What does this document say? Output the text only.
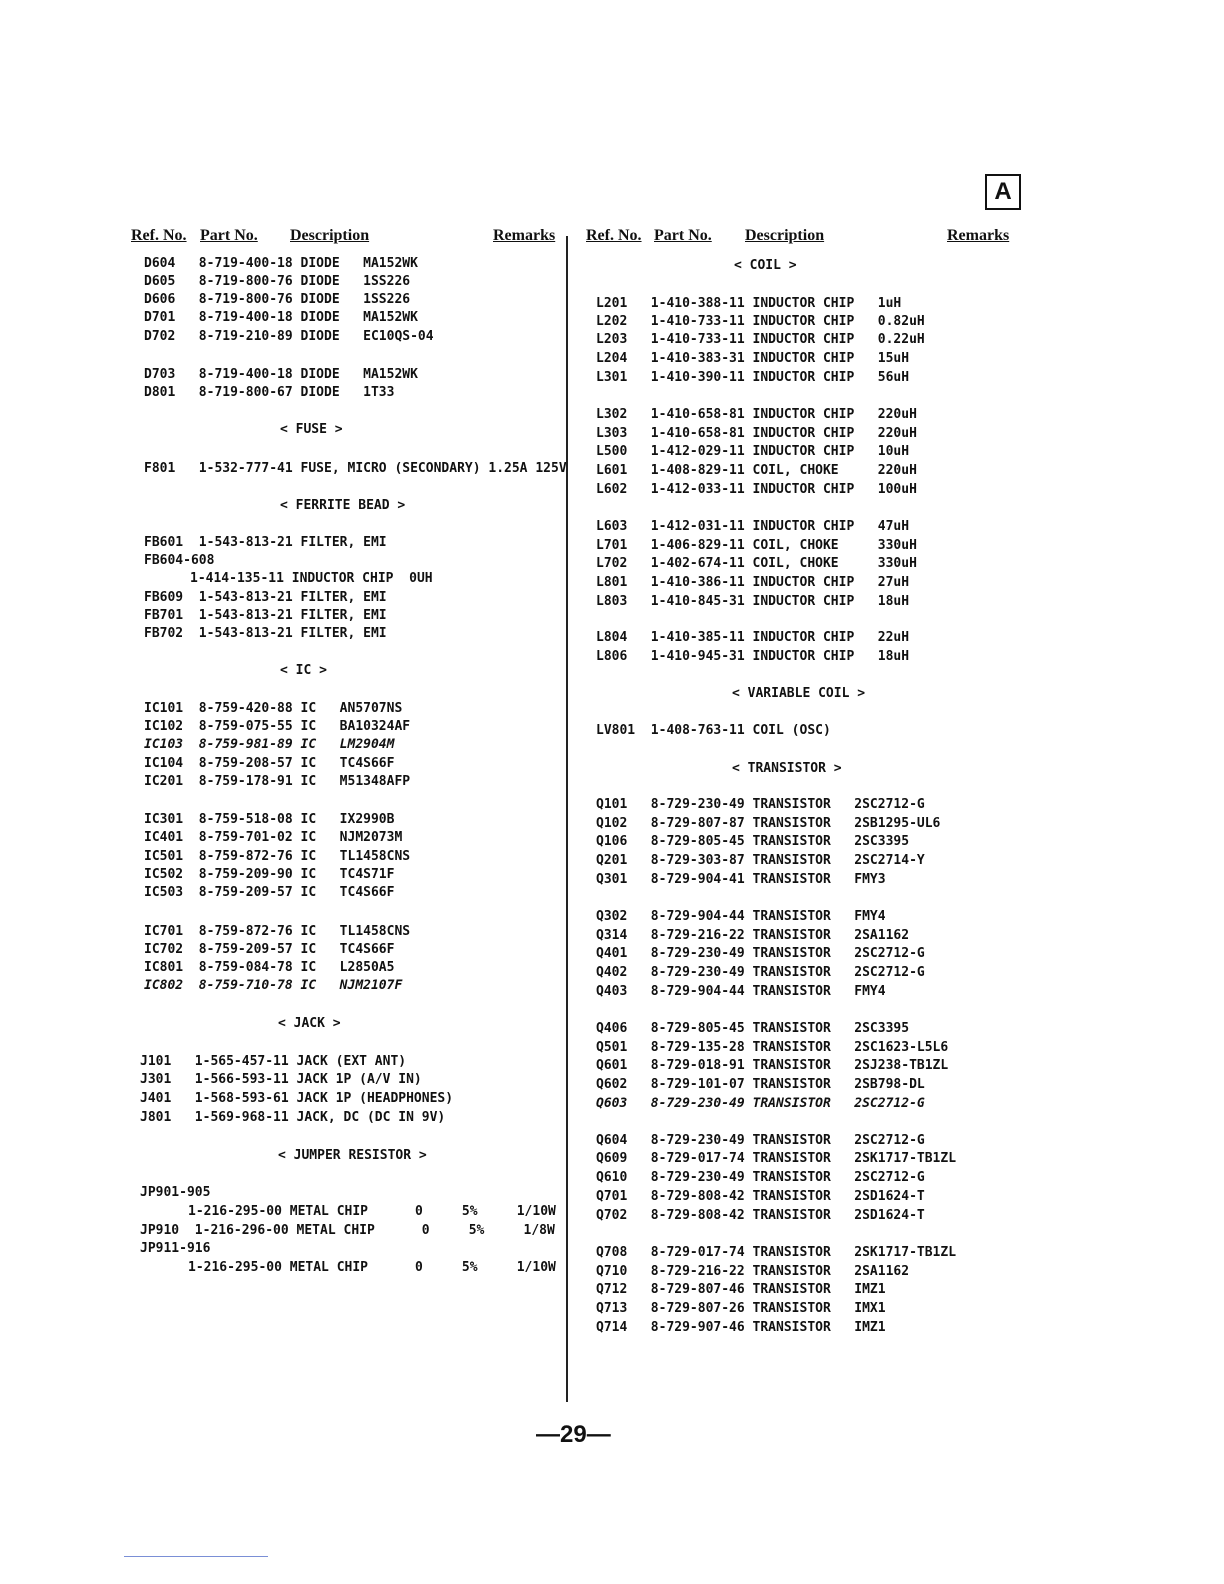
A
Ref. No. Part No. Description	Remarks Ref. No. Part No. Description	Remarks
D604   8-719-400-18 DIODE   MA152WK
D605   8-719-800-76 DIODE   1SS226
D606   8-719-800-76 DIODE   1SS226
D701   8-719-400-18 DIODE   MA152WK
D702   8-719-210-89 DIODE   EC10QS-04
D703   8-719-400-18 DIODE   MA152WK
D801   8-719-800-67 DIODE   1T33
< FUSE >
F801   1-532-777-41 FUSE, MICRO (SECONDARY) 1.25A 125V
< FERRITE BEAD >
FB601  1-543-813-21 FILTER, EMI
FB604-608
1-414-135-11 INDUCTOR CHIP  0UH
FB609  1-543-813-21 FILTER, EMI
FB701  1-543-813-21 FILTER, EMI
FB702  1-543-813-21 FILTER, EMI
< IC >
IC101  8-759-420-88 IC   AN5707NS
IC102  8-759-075-55 IC   BA10324AF
IC103  8-759-981-89 IC   LM2904M
IC104  8-759-208-57 IC   TC4S66F
IC201  8-759-178-91 IC   M51348AFP
IC301  8-759-518-08 IC   IX2990B
IC401  8-759-701-02 IC   NJM2073M
IC501  8-759-872-76 IC   TL1458CNS
IC502  8-759-209-90 IC   TC4S71F
IC503  8-759-209-57 IC   TC4S66F
IC701  8-759-872-76 IC   TL1458CNS
IC702  8-759-209-57 IC   TC4S66F
IC801  8-759-084-78 IC   L2850A5
IC802  8-759-710-78 IC   NJM2107F
< JACK >
J101   1-565-457-11 JACK (EXT ANT)
J301   1-566-593-11 JACK 1P (A/V IN)
J401   1-568-593-61 JACK 1P (HEADPHONES)
J801   1-569-968-11 JACK, DC (DC IN 9V)
< JUMPER RESISTOR >
JP901-905
1-216-295-00 METAL CHIP      0     5%     1/10W
JP910  1-216-296-00 METAL CHIP      0     5%     1/8W
JP911-916
1-216-295-00 METAL CHIP      0     5%     1/10W
< COIL >
L201   1-410-388-11 INDUCTOR CHIP   1uH
L202   1-410-733-11 INDUCTOR CHIP   0.82uH
L203   1-410-733-11 INDUCTOR CHIP   0.22uH
L204   1-410-383-31 INDUCTOR CHIP   15uH
L301   1-410-390-11 INDUCTOR CHIP   56uH
L302   1-410-658-81 INDUCTOR CHIP   220uH
L303   1-410-658-81 INDUCTOR CHIP   220uH
L500   1-412-029-11 INDUCTOR CHIP   10uH
L601   1-408-829-11 COIL, CHOKE     220uH
L602   1-412-033-11 INDUCTOR CHIP   100uH
L603   1-412-031-11 INDUCTOR CHIP   47uH
L701   1-406-829-11 COIL, CHOKE     330uH
L702   1-402-674-11 COIL, CHOKE     330uH
L801   1-410-386-11 INDUCTOR CHIP   27uH
L803   1-410-845-31 INDUCTOR CHIP   18uH
L804   1-410-385-11 INDUCTOR CHIP   22uH
L806   1-410-945-31 INDUCTOR CHIP   18uH
< VARIABLE COIL >
LV801  1-408-763-11 COIL (OSC)
< TRANSISTOR >
Q101   8-729-230-49 TRANSISTOR   2SC2712-G
Q102   8-729-807-87 TRANSISTOR   2SB1295-UL6
Q106   8-729-805-45 TRANSISTOR   2SC3395
Q201   8-729-303-87 TRANSISTOR   2SC2714-Y
Q301   8-729-904-41 TRANSISTOR   FMY3
Q302   8-729-904-44 TRANSISTOR   FMY4
Q314   8-729-216-22 TRANSISTOR   2SA1162
Q401   8-729-230-49 TRANSISTOR   2SC2712-G
Q402   8-729-230-49 TRANSISTOR   2SC2712-G
Q403   8-729-904-44 TRANSISTOR   FMY4
Q406   8-729-805-45 TRANSISTOR   2SC3395
Q501   8-729-135-28 TRANSISTOR   2SC1623-L5L6
Q601   8-729-018-91 TRANSISTOR   2SJ238-TB1ZL
Q602   8-729-101-07 TRANSISTOR   2SB798-DL
Q603   8-729-230-49 TRANSISTOR   2SC2712-G
Q604   8-729-230-49 TRANSISTOR   2SC2712-G
Q609   8-729-017-74 TRANSISTOR   2SK1717-TB1ZL
Q610   8-729-230-49 TRANSISTOR   2SC2712-G
Q701   8-729-808-42 TRANSISTOR   2SD1624-T
Q702   8-729-808-42 TRANSISTOR   2SD1624-T
Q708   8-729-017-74 TRANSISTOR   2SK1717-TB1ZL
Q710   8-729-216-22 TRANSISTOR   2SA1162
Q712   8-729-807-46 TRANSISTOR   IMZ1
Q713   8-729-807-26 TRANSISTOR   IMX1
Q714   8-729-907-46 TRANSISTOR   IMZ1
—29—
